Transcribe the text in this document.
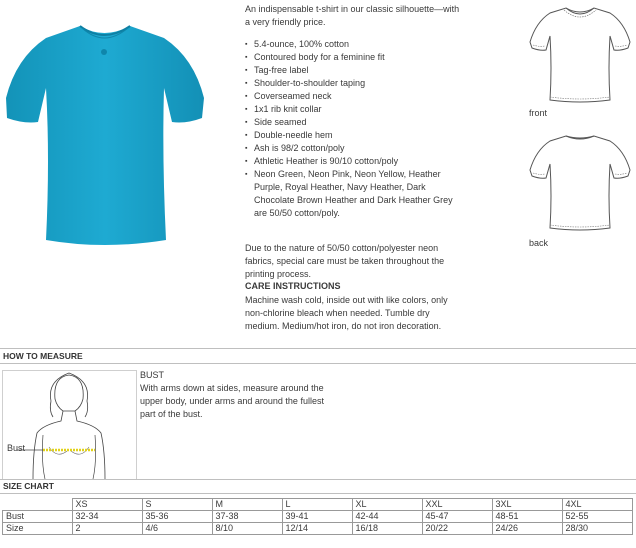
An indispensable t-shirt in our classic silhouette—with a very friendly price.
▪ 5.4-ounce, 100% cotton
▪ Contoured body for a feminine fit
▪ Tag-free label
▪ Shoulder-to-shoulder taping
▪ Coverseamed neck
▪ 1x1 rib knit collar
▪ Side seamed
▪ Double-needle hem
▪ Ash is 98/2 cotton/poly
▪ Athletic Heather is 90/10 cotton/poly
▪ Neon Green, Neon Pink, Neon Yellow, Heather Purple, Royal Heather, Navy Heather, Dark Chocolate Brown Heather and Dark Heather Grey are 50/50 cotton/poly.
Due to the nature of 50/50 cotton/polyester neon fabrics, special care must be taken throughout the printing process.
CARE INSTRUCTIONS
Machine wash cold, inside out with like colors, only non-chlorine bleach when needed. Tumble dry medium. Medium/hot iron, do not iron decoration.
front
back
HOW TO MEASURE
Bust
BUST
With arms down at sides, measure around the upper body, under arms and around the fullest part of the bust.
SIZE CHART
	XS	S	M	L	XL	XXL	3XL	4XL
Bust	32-34	35-36	37-38	39-41	42-44	45-47	48-51	52-55
Size	2	4/6	8/10	12/14	16/18	20/22	24/26	28/30
